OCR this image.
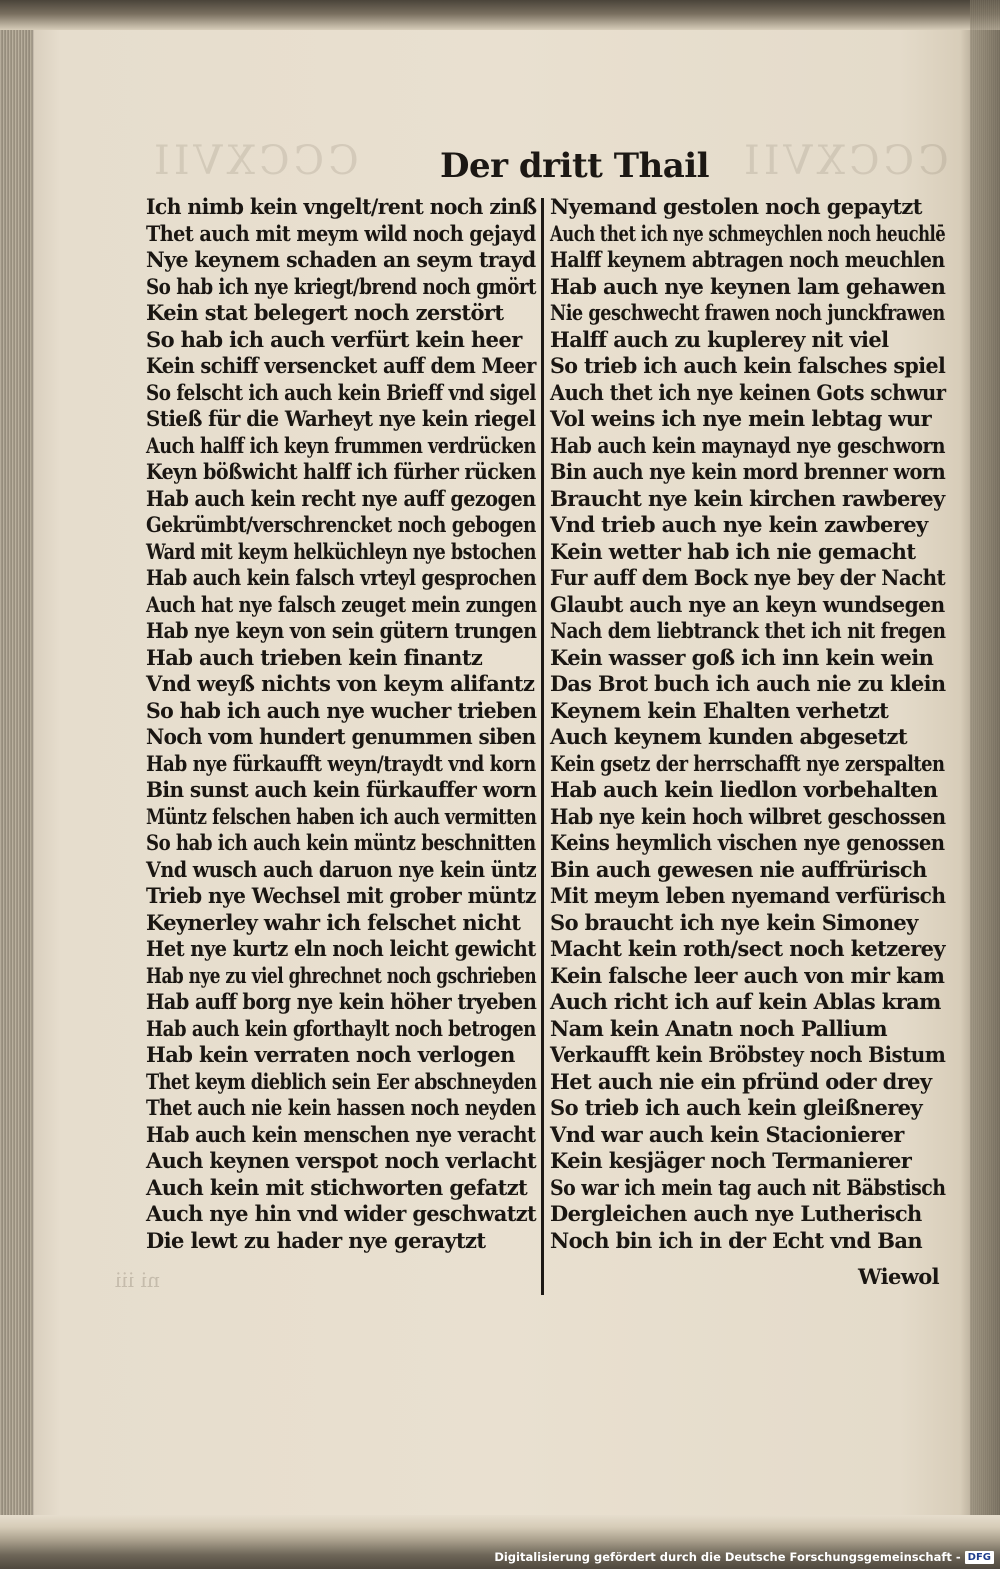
CCCXVII	CCCXVII
Der dritt Thail
Ich nimb kein vngelt/rent noch zinß
Thet auch mit meym wild noch gejayd
Nye keynem schaden an seym trayd
So hab ich nye kriegt/brend noch gmört
Kein stat belegert noch zerstört
So hab ich auch verfürt kein heer
Kein schiff versencket auff dem Meer
So felscht ich auch kein Brieff vnd sigel
Stieß für die Warheyt nye kein riegel
Auch halff ich keyn frummen verdrücken
Keyn bößwicht halff ich fürher rücken
Hab auch kein recht nye auff gezogen
Gekrümbt/verschrencket noch gebogen
Ward mit keym helküchleyn nye bstochen
Hab auch kein falsch vrteyl gesprochen
Auch hat nye falsch zeuget mein zungen
Hab nye keyn von sein gütern trungen
Hab auch trieben kein finantz
Vnd weyß nichts von keym alifantz
So hab ich auch nye wucher trieben
Noch vom hundert genummen siben
Hab nye fürkaufft weyn/traydt vnd korn
Bin sunst auch kein fürkauffer worn
Müntz felschen haben ich auch vermitten
So hab ich auch kein müntz beschnitten
Vnd wusch auch daruon nye kein üntz
Trieb nye Wechsel mit grober müntz
Keynerley wahr ich felschet nicht
Het nye kurtz eln noch leicht gewicht
Hab nye zu viel ghrechnet noch gschrieben
Hab auff borg nye kein höher tryeben
Hab auch kein gforthaylt noch betrogen
Hab kein verraten noch verlogen
Thet keym dieblich sein Eer abschneyden
Thet auch nie kein hassen noch neyden
Hab auch kein menschen nye veracht
Auch keynen verspot noch verlacht
Auch kein mit stichworten gefatzt
Auch nye hin vnd wider geschwatzt
Die lewt zu hader nye geraytzt
Nyemand gestolen noch gepaytzt
Auch thet ich nye schmeychlen noch heuchlē
Halff keynem abtragen noch meuchlen
Hab auch nye keynen lam gehawen
Nie geschwecht frawen noch junckfrawen
Halff auch zu kuplerey nit viel
So trieb ich auch kein falsches spiel
Auch thet ich nye keinen Gots schwur
Vol weins ich nye mein lebtag wur
Hab auch kein maynayd nye geschworn
Bin auch nye kein mord brenner worn
Braucht nye kein kirchen rawberey
Vnd trieb auch nye kein zawberey
Kein wetter hab ich nie gemacht
Fur auff dem Bock nye bey der Nacht
Glaubt auch nye an keyn wundsegen
Nach dem liebtranck thet ich nit fregen
Kein wasser goß ich inn kein wein
Das Brot buch ich auch nie zu klein
Keynem kein Ehalten verhetzt
Auch keynem kunden abgesetzt
Kein gsetz der herrschafft nye zerspalten
Hab auch kein liedlon vorbehalten
Hab nye kein hoch wilbret geschossen
Keins heymlich vischen nye genossen
Bin auch gewesen nie auffrürisch
Mit meym leben nyemand verfürisch
So braucht ich nye kein Simoney
Macht kein roth/sect noch ketzerey
Kein falsche leer auch von mir kam
Auch richt ich auf kein Ablas kram
Nam kein Anatn noch Pallium
Verkaufft kein Bröbstey noch Bistum
Het auch nie ein pfründ oder drey
So trieb ich auch kein gleißnerey
Vnd war auch kein Stacionierer
Kein kesjäger noch Termanierer
So war ich mein tag auch nit Bäbstisch
Dergleichen auch nye Lutherisch
Noch bin ich in der Echt vnd Ban
Wiewol
ni iii
Digitalisierung gefördert durch die Deutsche Forschungsgemeinschaft - DFG
